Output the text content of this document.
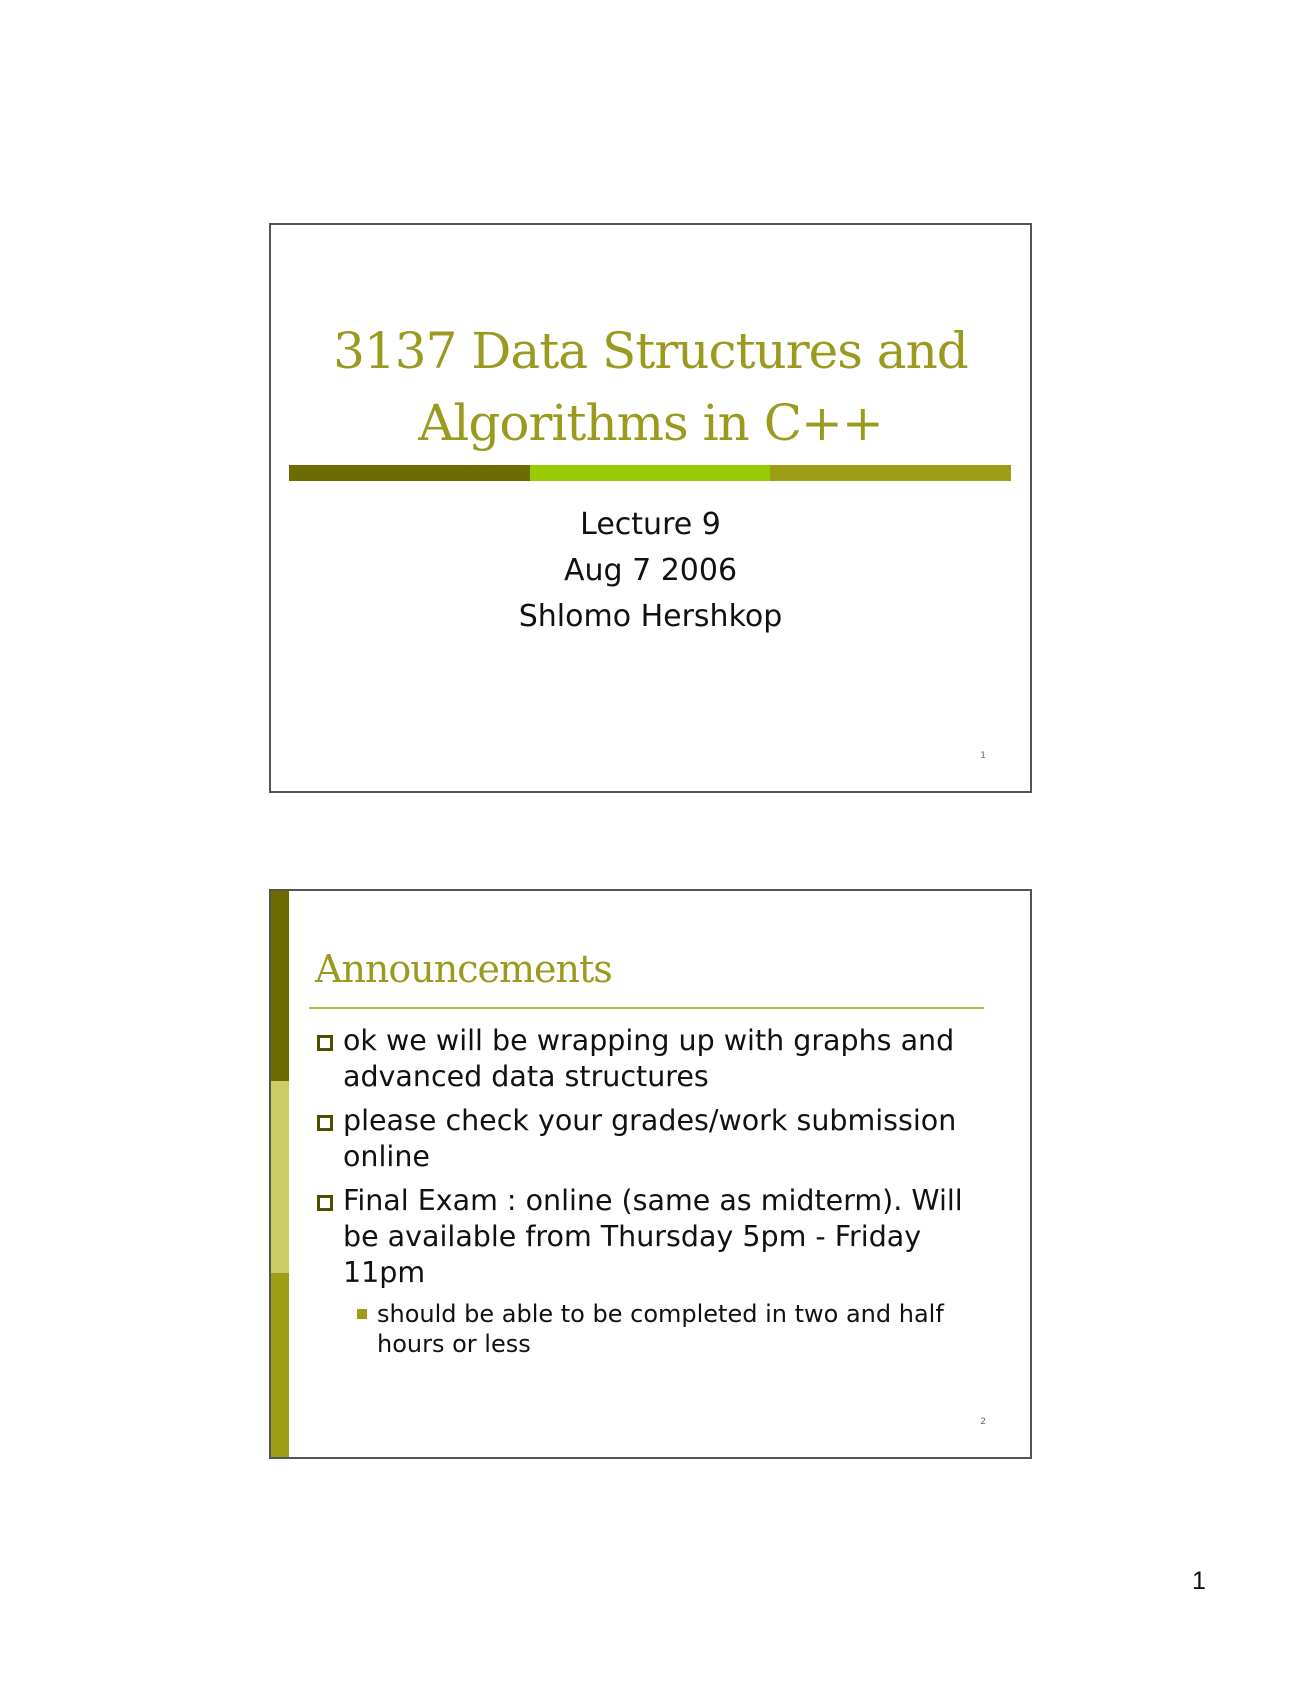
3137 Data Structures and
Algorithms in C++
Lecture 9
Aug 7 2006
Shlomo Hershkop
1
Announcements
ok we will be wrapping up with graphs and advanced data structures
please check your grades/work submission online
Final Exam : online (same as midterm). Will be available from Thursday 5pm - Friday 11pm
should be able to be completed in two and half hours or less
2
1
